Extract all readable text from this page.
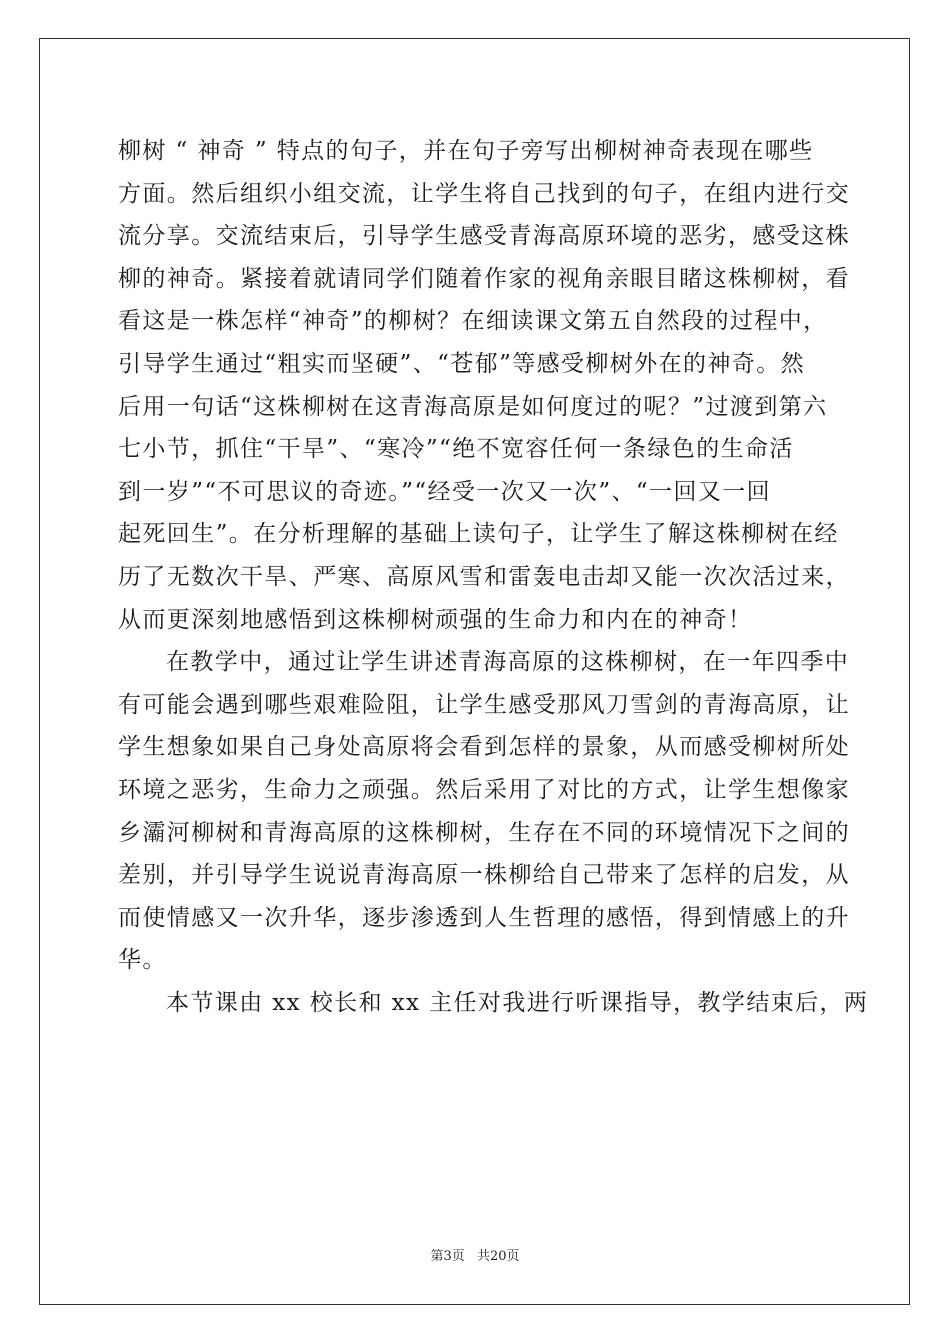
柳树 “ 神奇 ” 特点的句子，并在句子旁写出柳树神奇表现在哪些

方面。然后组织小组交流，让学生将自己找到的句子，在组内进行交

流分享。交流结束后，引导学生感受青海高原环境的恶劣，感受这株

柳的神奇。紧接着就请同学们随着作家的视角亲眼目睹这株柳树，看

看这是一株怎样“神奇”的柳树？在细读课文第五自然段的过程中，

引导学生通过“粗实而坚硬”、“苍郁”等感受柳树外在的神奇。然

后用一句话“这株柳树在这青海高原是如何度过的呢？”过渡到第六

七小节，抓住“干旱”、“寒冷”“绝不宽容任何一条绿色的生命活

到一岁”“不可思议的奇迹。”“经受一次又一次”、“一回又一回

起死回生”。在分析理解的基础上读句子，让学生了解这株柳树在经

历了无数次干旱、严寒、高原风雪和雷轰电击却又能一次次活过来，

从而更深刻地感悟到这株柳树顽强的生命力和内在的神奇！

在教学中，通过让学生讲述青海高原的这株柳树，在一年四季中

有可能会遇到哪些艰难险阻，让学生感受那风刀雪剑的青海高原，让

学生想象如果自己身处高原将会看到怎样的景象，从而感受柳树所处

环境之恶劣，生命力之顽强。然后采用了对比的方式，让学生想像家

乡灞河柳树和青海高原的这株柳树，生存在不同的环境情况下之间的

差别，并引导学生说说青海高原一株柳给自己带来了怎样的启发，从

而使情感又一次升华，逐步渗透到人生哲理的感悟，得到情感上的升

华。

本节课由 xx 校长和 xx 主任对我进行听课指导，教学结束后，两

第3页 共20页
